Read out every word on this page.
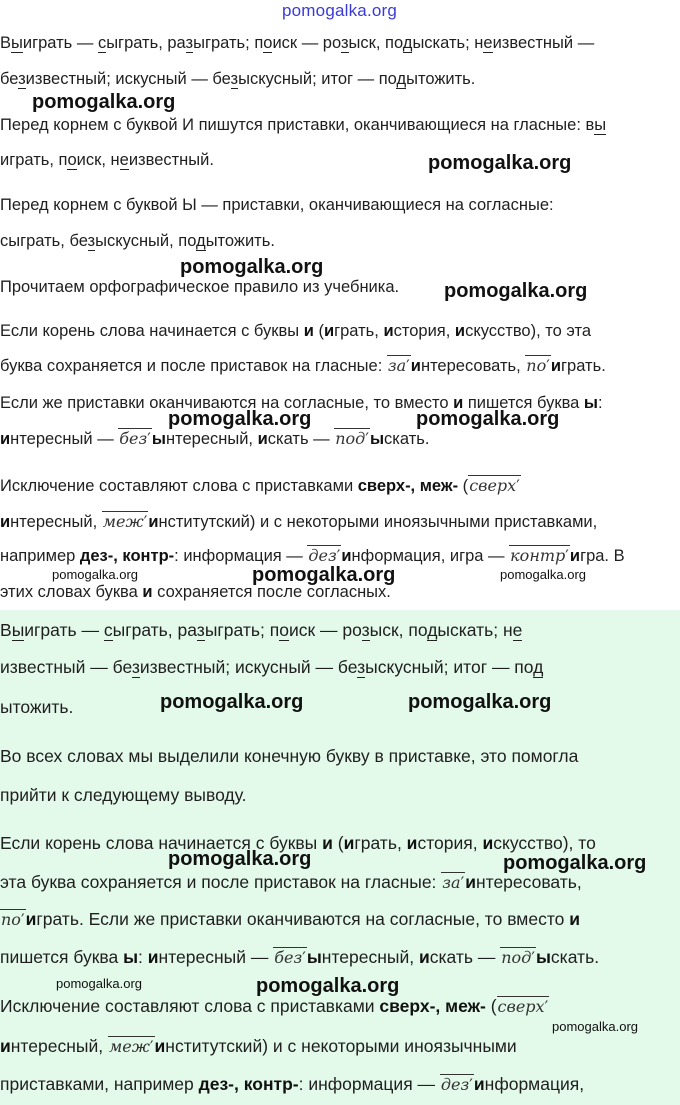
pomogalka.org
Выиграть — сыграть, разыграть; поиск — розыск, подыскать; неизвестный —
безизвестный; искусный — безыскусный; итог — подытожить.
pomogalka.org
Перед корнем с буквой И пишутся приставки, оканчивающиеся на гласные: вы
играть, поиск, неизвестный.	pomogalka.org
Перед корнем с буквой Ы — приставки, оканчивающиеся на согласные:
сыграть, безыскусный, подытожить.
pomogalka.org
Прочитаем орфографическое правило из учебника. pomogalka.org
Если корень слова начинается с буквы и (играть, история, искусство), то эта
буква сохраняется и после приставок на гласные: за ′ интересовать, по ′ играть.
Если же приставки оканчиваются на согласные, то вместо и пишется буква ы:
pomogalka.org	pomogalka.org
интересный — без ′ ынтересный, искать — под ′ ыскать.
Исключение составляют слова с приставками сверх-, меж- (сверх ′
интересный, меж ′ институтский) и с некоторыми иноязычными приставками,
например дез-, контр-: информация — дез ′ информация, игра — контр ′ игра. В
pomogalka.org	pomogalka.org	pomogalka.org
этих словах буква и сохраняется после согласных.
Выиграть — сыграть, разыграть; поиск — розыск, подыскать; не
известный — безизвестный; искусный — безыскусный; итог — под
ытожить.	pomogalka.org	pomogalka.org
Во всех словах мы выделили конечную букву в приставке, это помогла
прийти к следующему выводу.
Если корень слова начинается с буквы и (играть, история, искусство), то
pomogalka.org	pomogalka.org
эта буква сохраняется и после приставок на гласные: за ′ интересовать,
по ′ играть. Если же приставки оканчиваются на согласные, то вместо и
пишется буква ы: интересный — без ′ ынтересный, искать — под ′ ыскать.
pomogalka.org	pomogalka.org
Исключение составляют слова с приставками сверх-, меж- (сверх ′
pomogalka.org
интересный, меж ′ институтский) и с некоторыми иноязычными
приставками, например дез-, контр-: информация — дез ′ информация,
